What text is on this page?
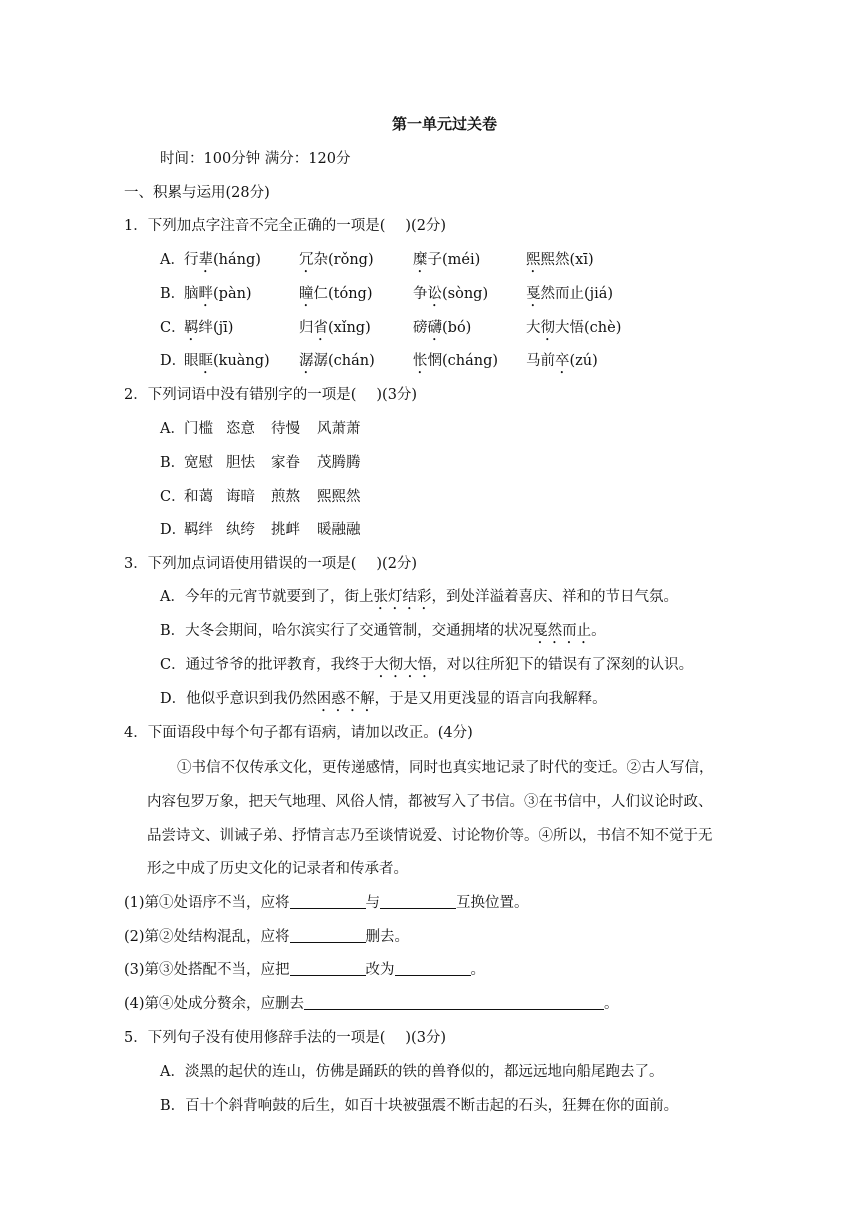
第一单元过关卷
时间：100分钟 满分：120分
一、积累与运用(28分)
1．下列加点字注音不完全正确的一项是( )(2分)
A． 行辈(háng)	冗杂(rǒng)	糜子(méi)	熙熙然(xī)
B．
脑畔(pàn)	瞳仁(tóng)	争讼(sòng)	戛然而止(jiá)
C．
羁绊(jī)	归省(xǐng)	磅礴(bó)	大彻大悟(chè)
D．
眼眶(kuàng) 潺潺(chán)	怅惘(cháng) 马前卒(zú)
2．下列词语中没有错别字的一项是( )(3分)
A． 门槛 恣意 待慢 风萧萧
B．
宽慰 胆怯 家眷 茂腾腾
C．
和蔼 诲暗 煎熬 熙熙然
D．
羁绊 纨绔 挑衅 暖融融
3．下列加点词语使用错误的一项是( )(2分)
A．今年的元宵节就要到了，街上张灯结彩，到处洋溢着喜庆、祥和的节日气氛。
B．大冬会期间，哈尔滨实行了交通管制，交通拥堵的状况戛然而止。
C．通过爷爷的批评教育，我终于大彻大悟，对以往所犯下的错误有了深刻的认识。
D．他似乎意识到我仍然困惑不解，于是又用更浅显的语言向我解释。
4．下面语段中每个句子都有语病，请加以改正。(4分)
①书信不仅传承文化，更传递感情，同时也真实地记录了时代的变迁。②古人写信，
内容包罗万象，把天气地理、风俗人情，都被写入了书信。③在书信中，人们议论时政、
品尝诗文、训诫子弟、抒情言志乃至谈情说爱、讨论物价等。④所以，书信不知不觉于无
形之中成了历史文化的记录者和传承者。
(1)第①处语序不当，应将	与	互换位置。
(2)第②处结构混乱，应将	删去。
(3)第③处搭配不当，应把	改为	。
(4)第④处成分赘余，应删去	。
5．下列句子没有使用修辞手法的一项是( )(3分)
A．淡黑的起伏的连山，仿佛是踊跃的铁的兽脊似的，都远远地向船尾跑去了。
B．百十个斜背响鼓的后生，如百十块被强震不断击起的石头，狂舞在你的面前。
